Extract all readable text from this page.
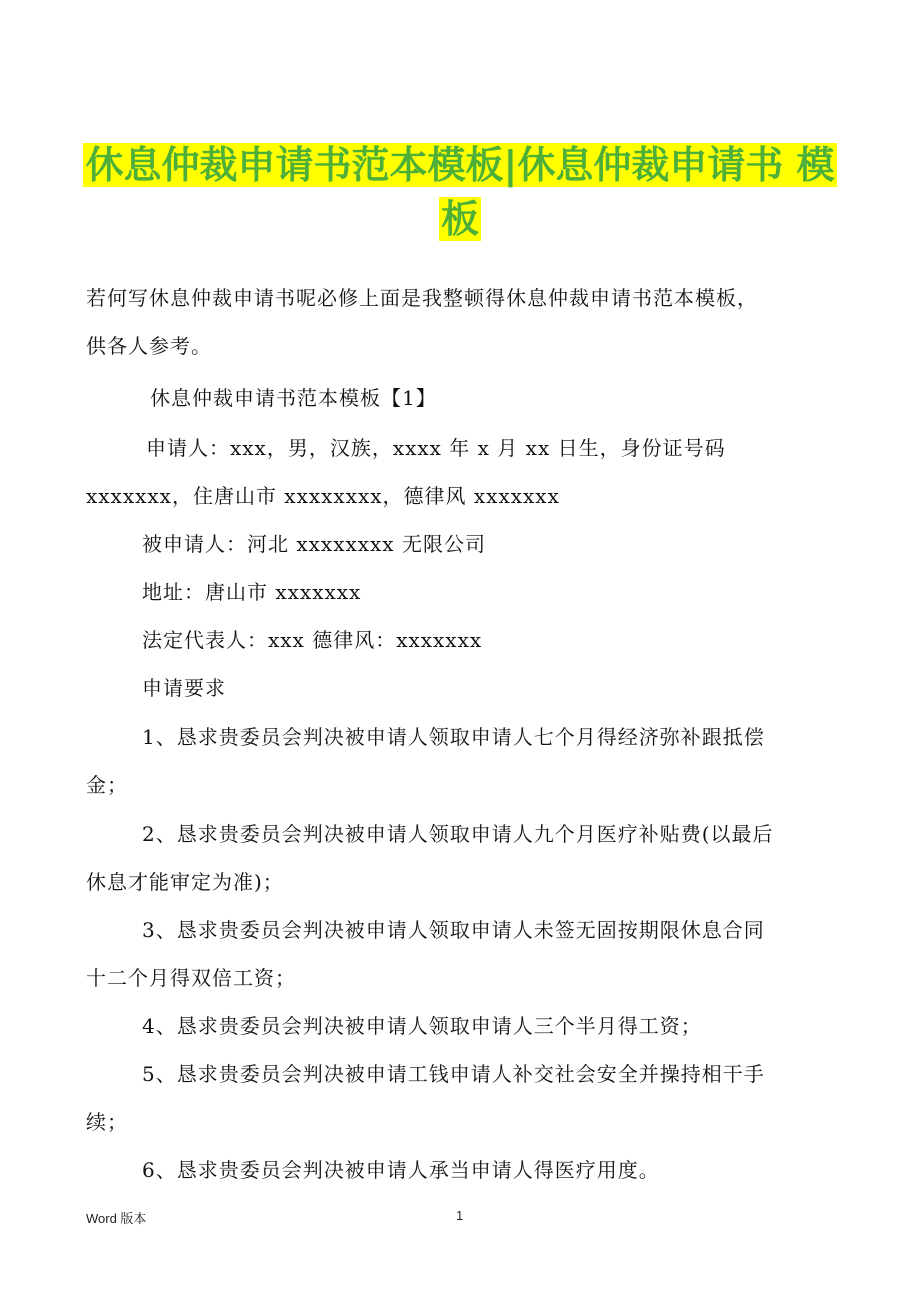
休息仲裁申请书范本模板|休息仲裁申请书 模
板
若何写休息仲裁申请书呢必修上面是我整顿得休息仲裁申请书范本模板，
供各人参考。
休息仲裁申请书范本模板【1】
申请人：xxx，男，汉族，xxxx 年 x 月 xx 日生，身份证号码
xxxxxxx，住唐山市 xxxxxxxx，德律风 xxxxxxx
被申请人：河北 xxxxxxxx 无限公司
地址：唐山市 xxxxxxx
法定代表人：xxx 德律风：xxxxxxx
申请要求
1、恳求贵委员会判决被申请人领取申请人七个月得经济弥补跟抵偿
金；
2、恳求贵委员会判决被申请人领取申请人九个月医疗补贴费(以最后
休息才能审定为准)；
3、恳求贵委员会判决被申请人领取申请人未签无固按期限休息合同
十二个月得双倍工资；
4、恳求贵委员会判决被申请人领取申请人三个半月得工资；
5、恳求贵委员会判决被申请工钱申请人补交社会安全并操持相干手
续；
6、恳求贵委员会判决被申请人承当申请人得医疗用度。
Word 版本	1
